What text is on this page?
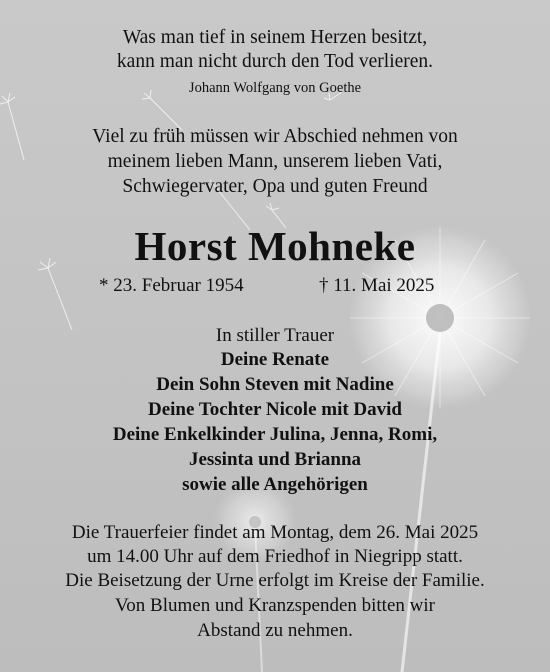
Was man tief in seinem Herzen besitzt,
kann man nicht durch den Tod verlieren.
Johann Wolfgang von Goethe
Viel zu früh müssen wir Abschied nehmen von
meinem lieben Mann, unserem lieben Vati,
Schwiegervater, Opa und guten Freund
Horst Mohneke
* 23. Februar 1954	† 11. Mai 2025
In stiller Trauer
Deine Renate
Dein Sohn Steven mit Nadine
Deine Tochter Nicole mit David
Deine Enkelkinder Julina, Jenna, Romi,
Jessinta und Brianna
sowie alle Angehörigen
Die Trauerfeier findet am Montag, dem 26. Mai 2025
um 14.00 Uhr auf dem Friedhof in Niegripp statt.
Die Beisetzung der Urne erfolgt im Kreise der Familie.
Von Blumen und Kranzspenden bitten wir
Abstand zu nehmen.
